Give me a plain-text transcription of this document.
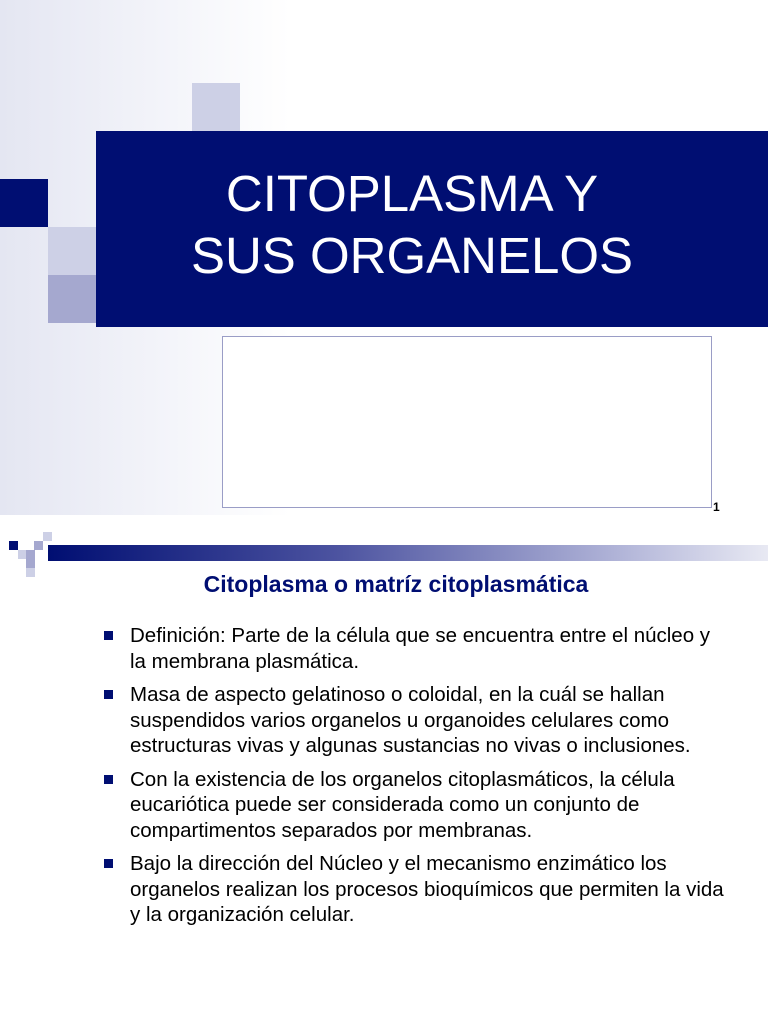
CITOPLASMA Y
SUS ORGANELOS
1
Citoplasma o matríz citoplasmática
Definición: Parte de la célula que se encuentra entre el núcleo y la membrana plasmática.
Masa de aspecto gelatinoso o coloidal, en la cuál se hallan suspendidos varios organelos u organoides celulares como estructuras vivas y algunas sustancias no vivas o inclusiones.
Con la existencia de los organelos citoplasmáticos, la célula eucariótica puede ser considerada como un conjunto de compartimentos separados por membranas.
Bajo la dirección del Núcleo y el mecanismo enzimático los organelos realizan los procesos bioquímicos que permiten la vida y la organización celular.
